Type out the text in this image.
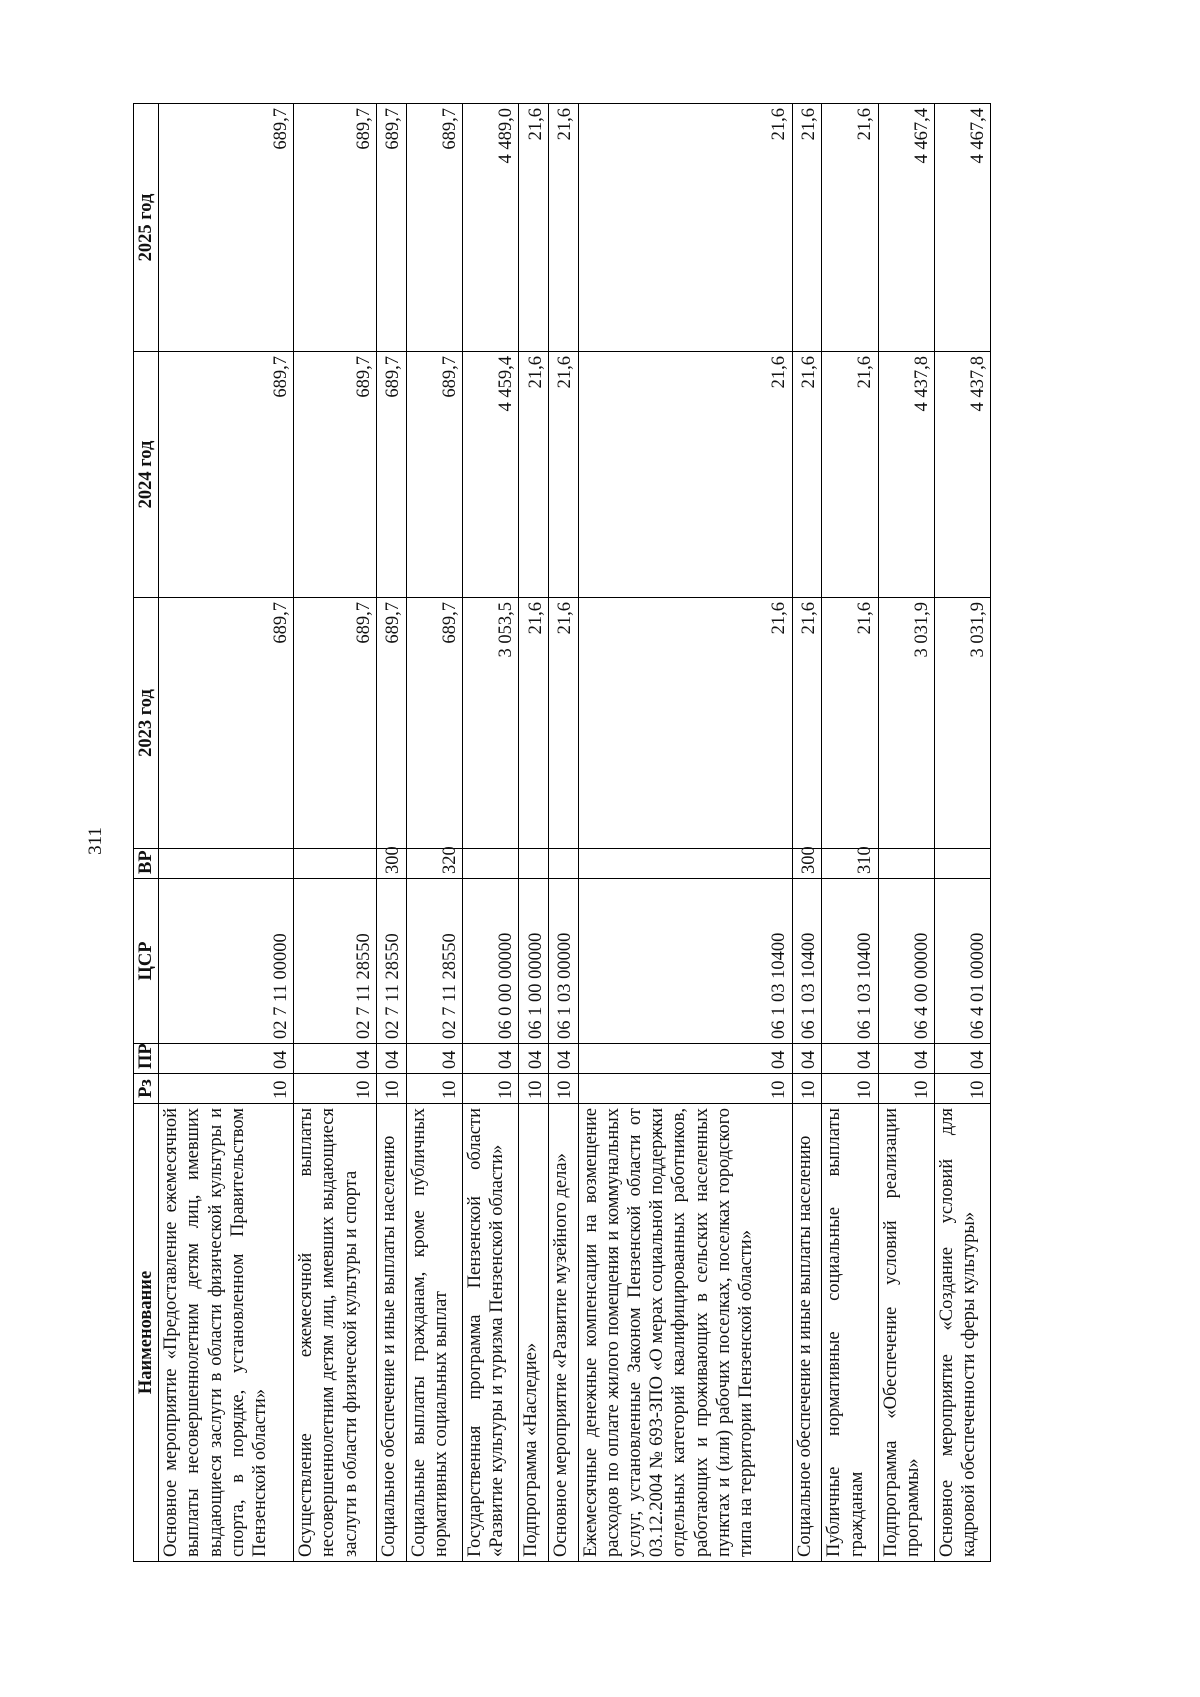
311
Наименование	Рз	ПР	ЦСР	ВР	2023 год	2024 год	2025 год
Основное мероприятие «Предоставление ежемесячной выплаты несовершеннолетним детям лиц, имевших выдающиеся заслуги в области физической культуры и спорта, в порядке, установленном Правительством Пензенской области»	10	04	02 7 11 00000		689,7	689,7	689,7
Осуществление ежемесячной выплаты несовершеннолетним детям лиц, имевших выдающиеся заслуги в области физической культуры и спорта	10	04	02 7 11 28550		689,7	689,7	689,7
Социальное обеспечение и иные выплаты населению	10	04	02 7 11 28550	300	689,7	689,7	689,7
Социальные выплаты гражданам, кроме публичных нормативных социальных выплат	10	04	02 7 11 28550	320	689,7	689,7	689,7
Государственная программа Пензенской области «Развитие культуры и туризма Пензенской области»	10	04	06 0 00 00000		3 053,5	4 459,4	4 489,0
Подпрограмма «Наследие»	10	04	06 1 00 00000		21,6	21,6	21,6
Основное мероприятие «Развитие музейного дела»	10	04	06 1 03 00000		21,6	21,6	21,6
Ежемесячные денежные компенсации на возмещение расходов по оплате жилого помещения и коммунальных услуг, установленные Законом Пензенской области от 03.12.2004 № 693-ЗПО «О мерах социальной поддержки отдельных категорий квалифицированных работников, работающих и проживающих в сельских населенных пунктах и (или) рабочих поселках, поселках городского типа на территории Пензенской области»	10	04	06 1 03 10400		21,6	21,6	21,6
Социальное обеспечение и иные выплаты населению	10	04	06 1 03 10400	300	21,6	21,6	21,6
Публичные нормативные социальные выплаты гражданам	10	04	06 1 03 10400	310	21,6	21,6	21,6
Подпрограмма «Обеспечение условий реализации программы»	10	04	06 4 00 00000		3 031,9	4 437,8	4 467,4
Основное мероприятие «Создание условий для кадровой обеспеченности сферы культуры»	10	04	06 4 01 00000		3 031,9	4 437,8	4 467,4
